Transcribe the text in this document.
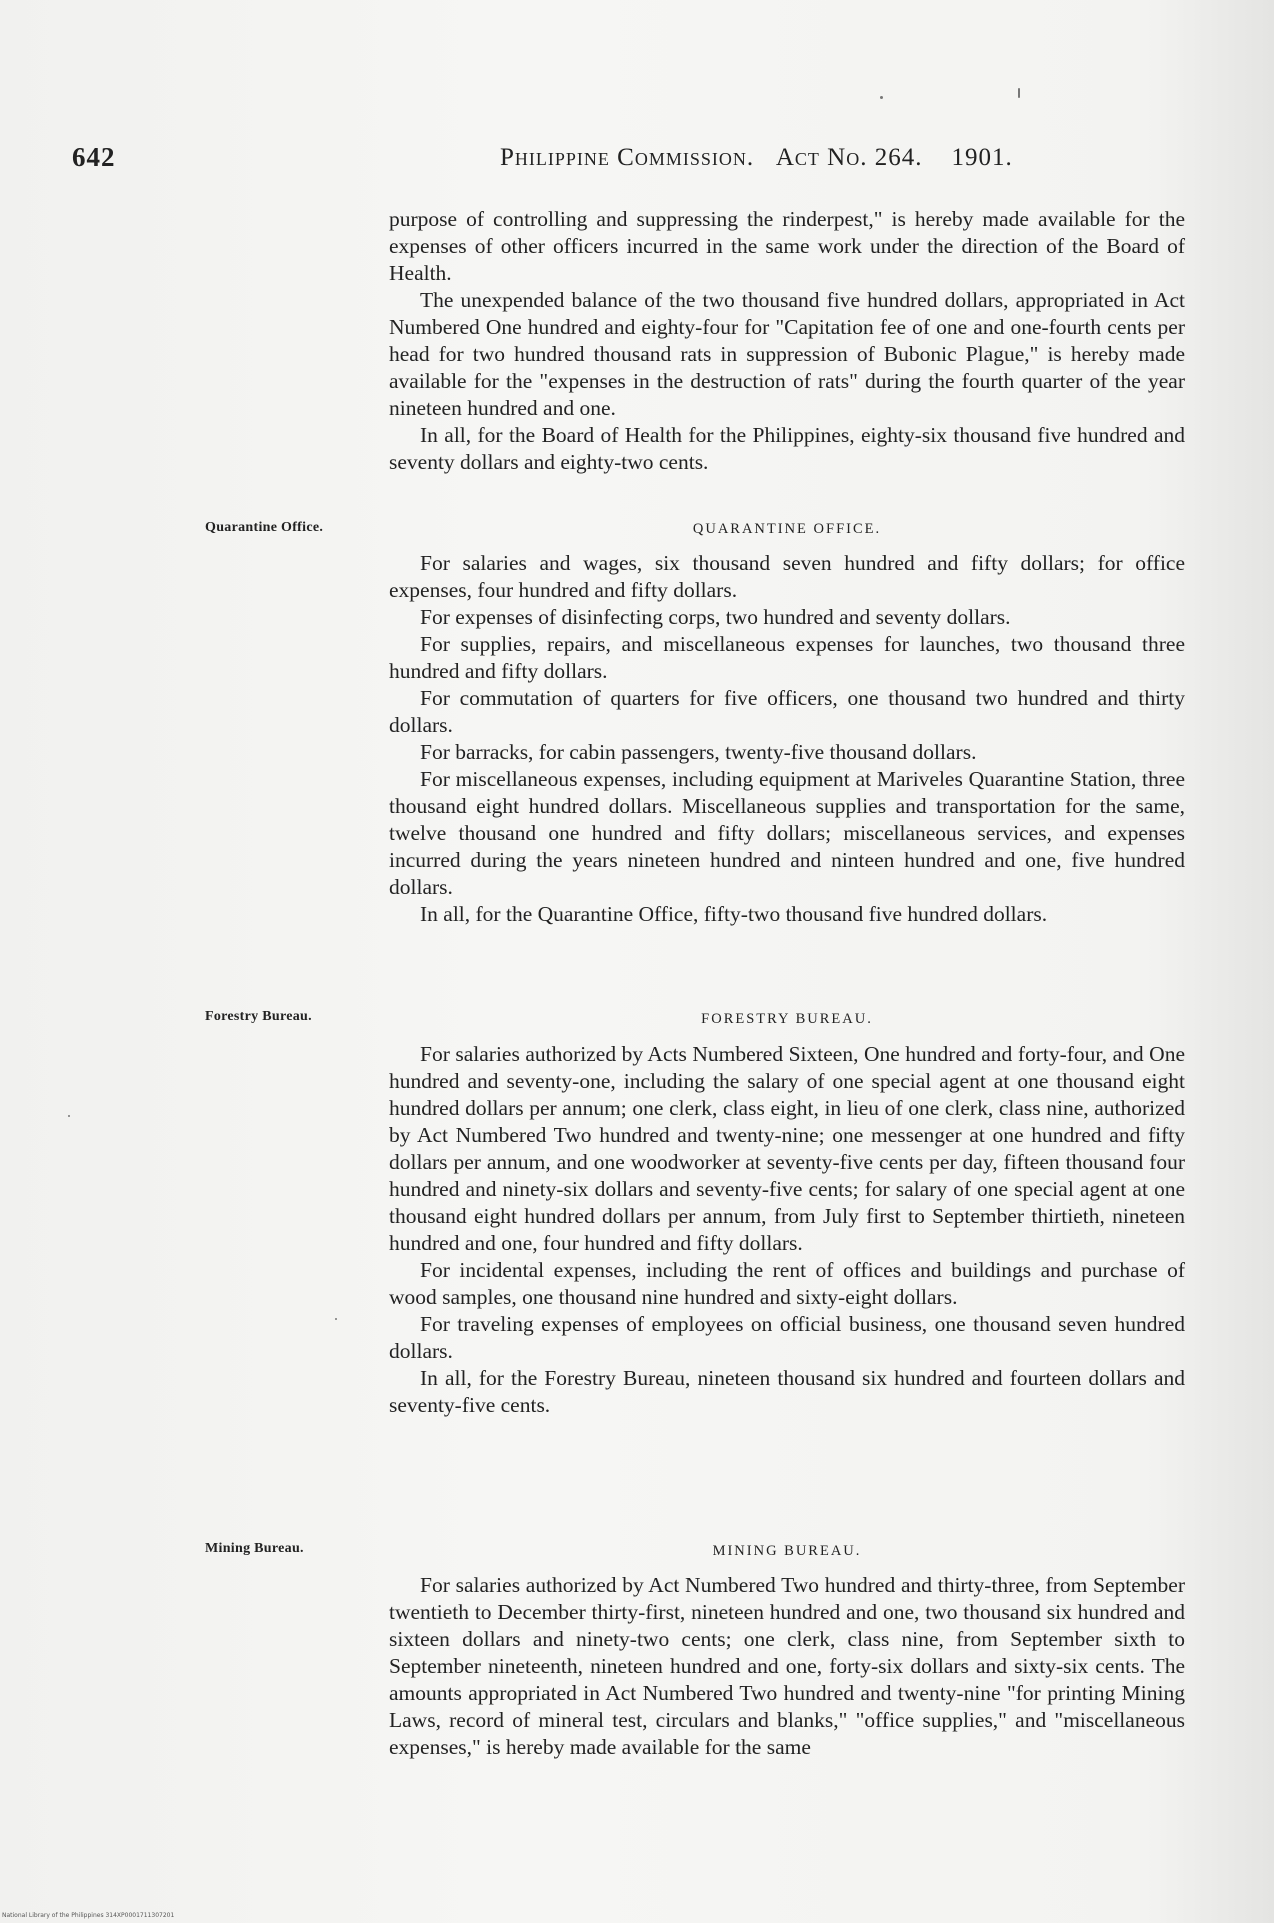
642	Philippine Commission. Act No. 264. 1901.

purpose of controlling and suppressing the rinderpest," is hereby made available for the expenses of other officers incurred in the same work under the direction of the Board of Health.

The unexpended balance of the two thousand five hundred dollars, appropriated in Act Numbered One hundred and eighty-four for "Capitation fee of one and one-fourth cents per head for two hundred thousand rats in suppression of Bubonic Plague," is hereby made available for the "expenses in the destruction of rats" during the fourth quarter of the year nineteen hundred and one.

In all, for the Board of Health for the Philippines, eighty-six thousand five hundred and seventy dollars and eighty-two cents.

Quarantine Office.	QUARANTINE OFFICE.

For salaries and wages, six thousand seven hundred and fifty dollars; for office expenses, four hundred and fifty dollars.

For expenses of disinfecting corps, two hundred and seventy dollars.

For supplies, repairs, and miscellaneous expenses for launches, two thousand three hundred and fifty dollars.

For commutation of quarters for five officers, one thousand two hundred and thirty dollars.

For barracks, for cabin passengers, twenty-five thousand dollars.

For miscellaneous expenses, including equipment at Mariveles Quarantine Station, three thousand eight hundred dollars. Miscellaneous supplies and transportation for the same, twelve thousand one hundred and fifty dollars; miscellaneous services, and expenses incurred during the years nineteen hundred and ninteen hundred and one, five hundred dollars.

In all, for the Quarantine Office, fifty-two thousand five hundred dollars.

Forestry Bureau.	FORESTRY BUREAU.

For salaries authorized by Acts Numbered Sixteen, One hundred and forty-four, and One hundred and seventy-one, including the salary of one special agent at one thousand eight hundred dollars per annum; one clerk, class eight, in lieu of one clerk, class nine, authorized by Act Numbered Two hundred and twenty-nine; one messenger at one hundred and fifty dollars per annum, and one woodworker at seventy-five cents per day, fifteen thousand four hundred and ninety-six dollars and seventy-five cents; for salary of one special agent at one thousand eight hundred dollars per annum, from July first to September thirtieth, nineteen hundred and one, four hundred and fifty dollars.

For incidental expenses, including the rent of offices and buildings and purchase of wood samples, one thousand nine hundred and sixty-eight dollars.

For traveling expenses of employees on official business, one thousand seven hundred dollars.

In all, for the Forestry Bureau, nineteen thousand six hundred and fourteen dollars and seventy-five cents.

Mining Bureau.	MINING BUREAU.

For salaries authorized by Act Numbered Two hundred and thirty-three, from September twentieth to December thirty-first, nineteen hundred and one, two thousand six hundred and sixteen dollars and ninety-two cents; one clerk, class nine, from September sixth to September nineteenth, nineteen hundred and one, forty-six dollars and sixty-six cents. The amounts appropriated in Act Numbered Two hundred and twenty-nine "for printing Mining Laws, record of mineral test, circulars and blanks," "office supplies," and "miscellaneous expenses," is hereby made available for the same

National Library of the Philippines 314XP0001711307201
